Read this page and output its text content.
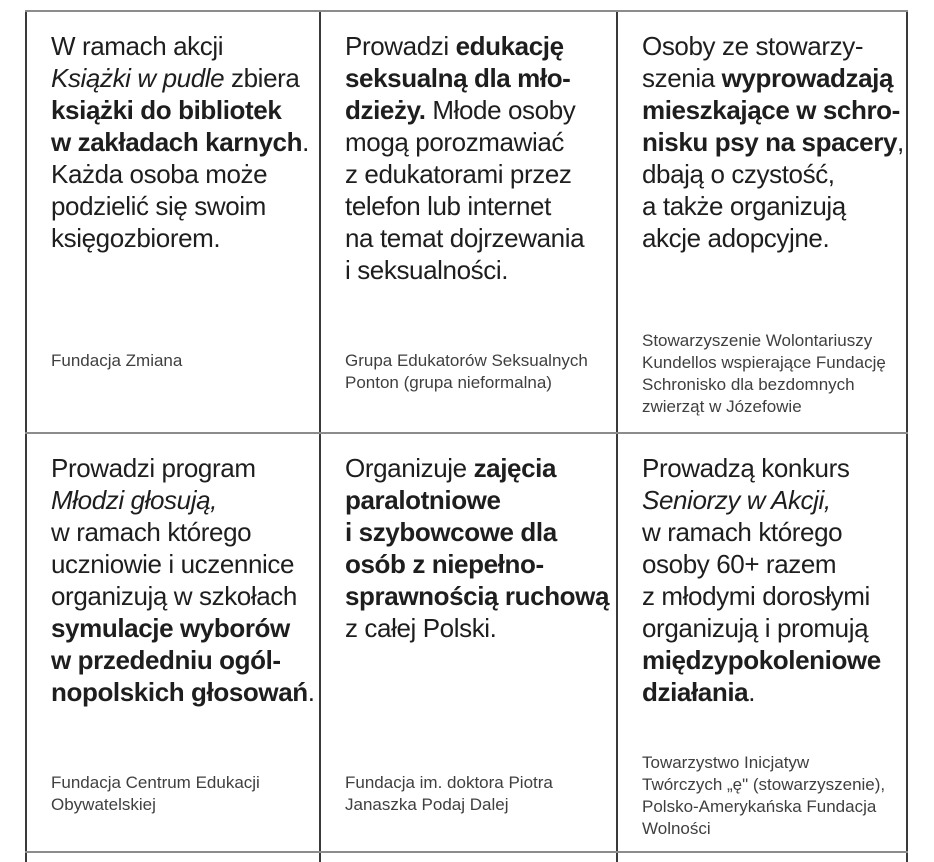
W ramach akcji
Książki w pudle zbiera
książki do bibliotek
w zakładach karnych.
Każda osoba może
podzielić się swoim
księgozbiorem.
Fundacja Zmiana
Prowadzi edukację
seksualną dla mło-
dzieży. Młode osoby
mogą porozmawiać
z edukatorami przez
telefon lub internet
na temat dojrzewania
i seksualności.
Grupa Edukatorów Seksualnych
Ponton (grupa nieformalna)
Osoby ze stowarzy-
szenia wyprowadzają
mieszkające w schro-
nisku psy na spacery,
dbają o czystość,
a także organizują
akcje adopcyjne.
Stowarzyszenie Wolontariuszy
Kundellos wspierające Fundację
Schronisko dla bezdomnych
zwierząt w Józefowie
Prowadzi program
Młodzi głosują,
w ramach którego
uczniowie i uczennice
organizują w szkołach
symulacje wyborów
w przededniu ogól-
nopolskich głosowań.
Fundacja Centrum Edukacji
Obywatelskiej
Organizuje zajęcia
paralotniowe
i szybowcowe dla
osób z niepełno-
sprawnością ruchową
z całej Polski.
Fundacja im. doktora Piotra
Janaszka Podaj Dalej
Prowadzą konkurs
Seniorzy w Akcji,
w ramach którego
osoby 60+ razem
z młodymi dorosłymi
organizują i promują
międzypokoleniowe
działania.
Towarzystwo Inicjatyw
Twórczych „ę" (stowarzyszenie),
Polsko-Amerykańska Fundacja
Wolności
